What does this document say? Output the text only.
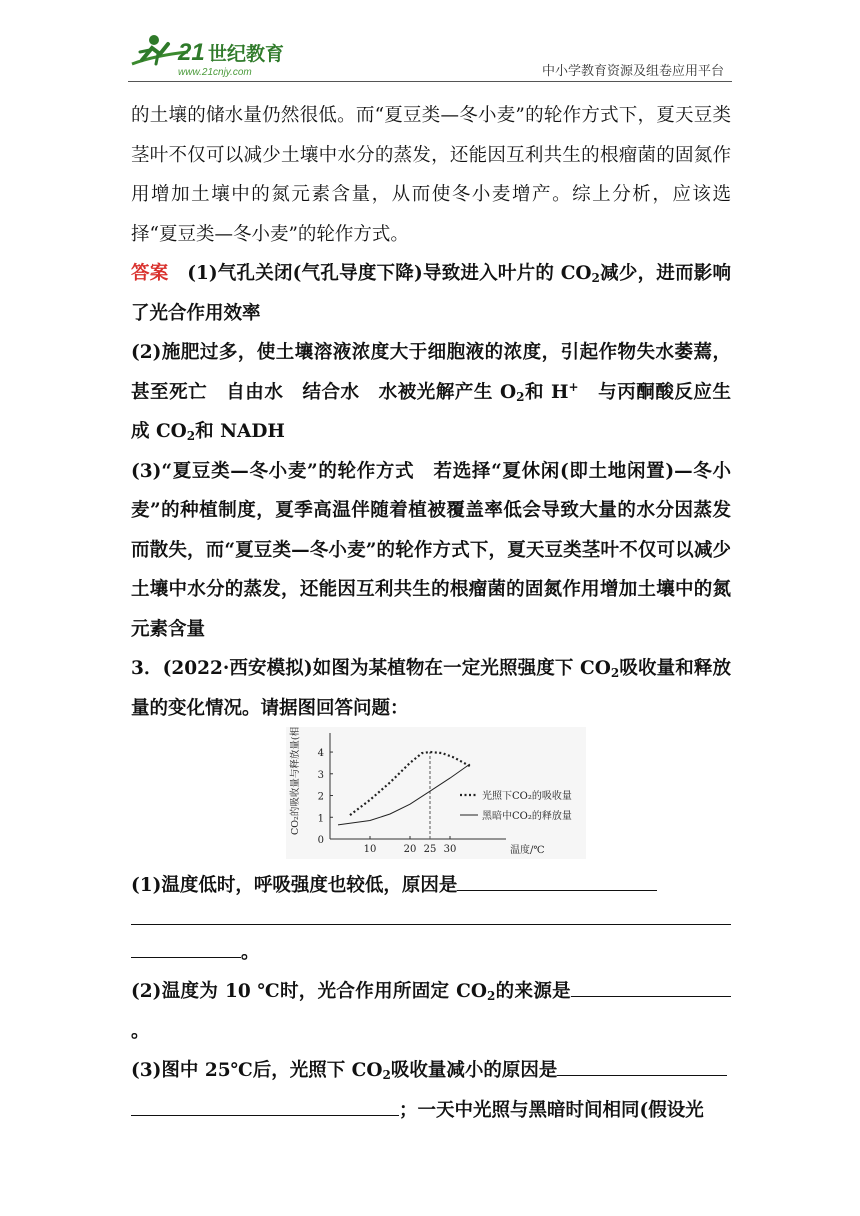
21 世纪教育
www.21cnjy.com	中小学教育资源及组卷应用平台

的土壤的储水量仍然很低。而“夏豆类—冬小麦”的轮作方式下，夏天豆类茎叶不仅可以减少土壤中水分的蒸发，还能因互利共生的根瘤菌的固氮作用增加土壤中的氮元素含量，从而使冬小麦增产。综上分析，应该选择“夏豆类—冬小麦”的轮作方式。

答案　 (1)气孔关闭(气孔导度下降)导致进入叶片的 $CO_2$减少，进而影响了光合作用效率

(2)施肥过多，使土壤溶液浓度大于细胞液的浓度，引起作物失水萎蔫，甚至死亡　自由水　结合水　水被光解产生 $O_2$和 H+　与丙酮酸反应生成 $CO_2$和 NADH

(3)“夏豆类—冬小麦”的轮作方式　若选择“夏休闲(即土地闲置)—冬小麦”的种植制度，夏季高温伴随着植被覆盖率低会导致大量的水分因蒸发而散失，而“夏豆类—冬小麦”的轮作方式下，夏天豆类茎叶不仅可以减少土壤中水分的蒸发，还能因互利共生的根瘤菌的固氮作用增加土壤中的氮元素含量

3．(2022·西安模拟)如图为某植物在一定光照强度下 $CO_2$吸收量和释放量的变化情况。请据图回答问题：

0
1
2
3
4
10	20 25 30	温度/℃
CO₂的吸收量与释放量(相对值)	光照下CO₂的吸收量
黑暗中CO₂的释放量

(1)温度低时，呼吸强度也较低，原因是

。

(2)温度为 10 ℃时，光合作用所固定 $CO_2$的来源是。

(3)图中 25℃后，光照下 $CO_2$吸收量减小的原因是

；一天中光照与黑暗时间相同(假设光
